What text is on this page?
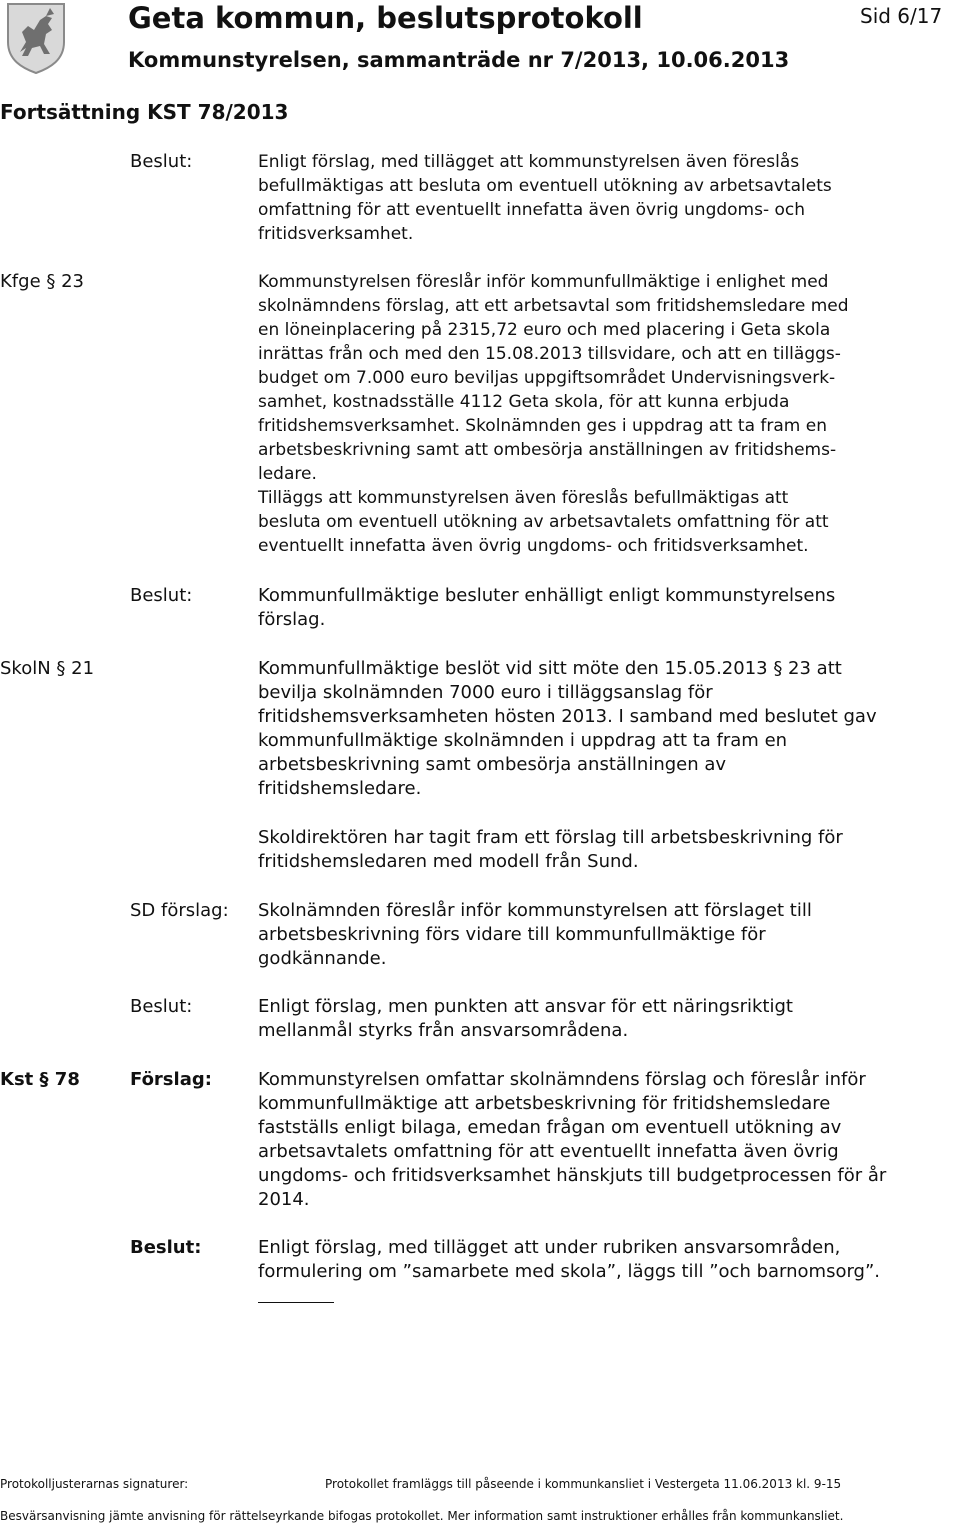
Geta kommun, beslutsprotokoll	Sid 6/17
Kommunstyrelsen, sammanträde nr 7/2013, 10.06.2013
Fortsättning KST 78/2013
Beslut:	Enligt förslag, med tillägget att kommunstyrelsen även föreslås
befullmäktigas att besluta om eventuell utökning av arbetsavtalets
omfattning för att eventuellt innefatta även övrig ungdoms- och
fritidsverksamhet.
Kfge § 23	Kommunstyrelsen föreslår inför kommunfullmäktige i enlighet med
skolnämndens förslag, att ett arbetsavtal som fritidshemsledare med
en löneinplacering på 2315,72 euro och med placering i Geta skola
inrättas från och med den 15.08.2013 tillsvidare, och att en tilläggs-
budget om 7.000 euro beviljas uppgiftsområdet Undervisningsverk-
samhet, kostnadsställe 4112 Geta skola, för att kunna erbjuda
fritidshemsverksamhet. Skolnämnden ges i uppdrag att ta fram en
arbetsbeskrivning samt att ombesörja anställningen av fritidshems-
ledare.
Tilläggs att kommunstyrelsen även föreslås befullmäktigas att
besluta om eventuell utökning av arbetsavtalets omfattning för att
eventuellt innefatta även övrig ungdoms- och fritidsverksamhet.
Beslut:	Kommunfullmäktige besluter enhälligt enligt kommunstyrelsens
förslag.
SkolN § 21	Kommunfullmäktige beslöt vid sitt möte den 15.05.2013 § 23 att
bevilja skolnämnden 7000 euro i tilläggsanslag för
fritidshemsverksamheten hösten 2013. I samband med beslutet gav
kommunfullmäktige skolnämnden i uppdrag att ta fram en
arbetsbeskrivning samt ombesörja anställningen av
fritidshemsledare.
Skoldirektören har tagit fram ett förslag till arbetsbeskrivning för
fritidshemsledaren med modell från Sund.
SD förslag: Skolnämnden föreslår inför kommunstyrelsen att förslaget till
arbetsbeskrivning förs vidare till kommunfullmäktige för
godkännande.
Beslut:	Enligt förslag, men punkten att ansvar för ett näringsriktigt
mellanmål styrks från ansvarsområdena.
Kst § 78	Förslag:	Kommunstyrelsen omfattar skolnämndens förslag och föreslår inför
kommunfullmäktige att arbetsbeskrivning för fritidshemsledare
fastställs enligt bilaga, emedan frågan om eventuell utökning av
arbetsavtalets omfattning för att eventuellt innefatta även övrig
ungdoms- och fritidsverksamhet hänskjuts till budgetprocessen för år
2014.
Beslut:	Enligt förslag, med tillägget att under rubriken ansvarsområden,
formulering om ”samarbete med skola”, läggs till ”och barnomsorg”.
Protokolljusterarnas signaturer:	Protokollet framläggs till påseende i kommunkansliet i Vestergeta 11.06.2013 kl. 9-15
Besvärsanvisning jämte anvisning för rättelseyrkande bifogas protokollet. Mer information samt instruktioner erhålles från kommunkansliet.
